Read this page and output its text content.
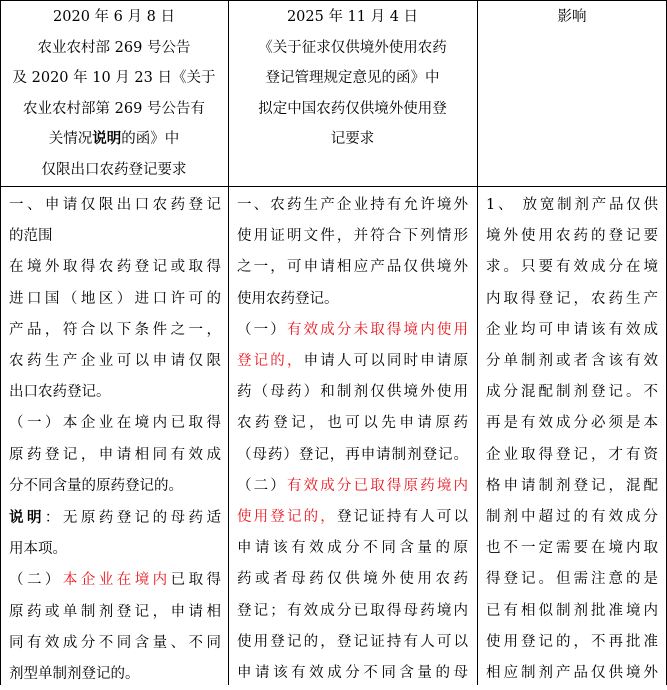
2020 年 6 月 8 日
农业农村部 269 号公告
及 2020 年 10 月 23 日《关于
农业农村部第 269 号公告有
关情况说明的函》中
仅限出口农药登记要求
2025 年 11 月 4 日
《关于征求仅供境外使用农药
登记管理规定意见的函》中
拟定中国农药仅供境外使用登
记要求
影响
一、申请仅限出口农药登记
的范围
在境外取得农药登记或取得
进口国（地区）进口许可的
产品，符合以下条件之一，
农药生产企业可以申请仅限
出口农药登记。
（一）本企业在境内已取得
原药登记，申请相同有效成
分不同含量的原药登记的。
说明：无原药登记的母药适
用本项。
（二）本企业在境内已取得
原药或单制剂登记，申请相
同有效成分不同含量、不同
剂型单制剂登记的。
一、农药生产企业持有允许境外
使用证明文件，并符合下列情形
之一，可申请相应产品仅供境外
使用农药登记。
（一）有效成分未取得境内使用
登记的，申请人可以同时申请原
药（母药）和制剂仅供境外使用
农药登记，也可以先申请原药
（母药）登记，再申请制剂登记。
（二）有效成分已取得原药境内
使用登记的，登记证持有人可以
申请该有效成分不同含量的原
药或者母药仅供境外使用农药
登记；有效成分已取得母药境内
使用登记的，登记证持有人可以
申请该有效成分不同含量的母
1、 放宽制剂产品仅供
境外使用农药的登记要
求。只要有效成分在境
内取得登记，农药生产
企业均可申请该有效成
分单制剂或者含该有效
成分混配制剂登记。不
再是有效成分必须是本
企业取得登记，才有资
格申请制剂登记，混配
制剂中超过的有效成分
也不一定需要在境内取
得登记。但需注意的是
已有相似制剂批准境内
使用登记的，不再批准
相应制剂产品仅供境外
